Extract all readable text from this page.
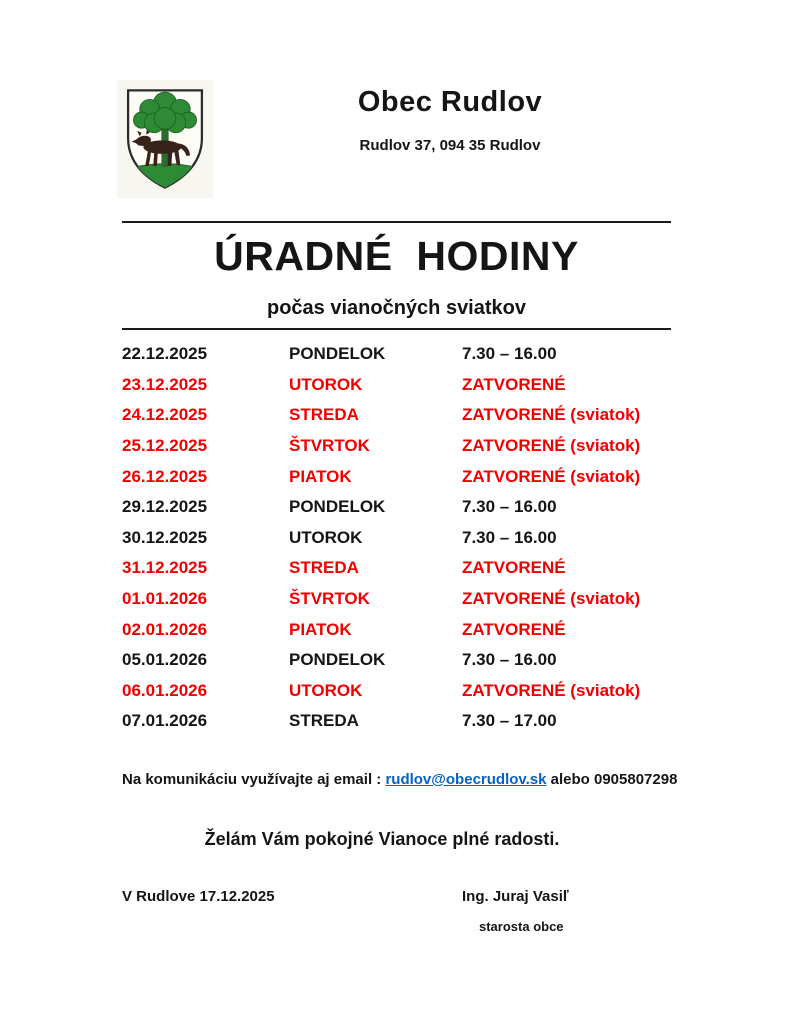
Obec Rudlov
Rudlov 37, 094 35 Rudlov
ÚRADNÉ  HODINY
počas vianočných sviatkov
22.12.2025	PONDELOK	7.30 – 16.00
23.12.2025	UTOROK	ZATVORENÉ
24.12.2025	STREDA	ZATVORENÉ (sviatok)
25.12.2025	ŠTVRTOK	ZATVORENÉ (sviatok)
26.12.2025	PIATOK	ZATVORENÉ (sviatok)
29.12.2025	PONDELOK	7.30 – 16.00
30.12.2025	UTOROK	7.30 – 16.00
31.12.2025	STREDA	ZATVORENÉ
01.01.2026	ŠTVRTOK	ZATVORENÉ (sviatok)
02.01.2026	PIATOK	ZATVORENÉ
05.01.2026	PONDELOK	7.30 – 16.00
06.01.2026	UTOROK	ZATVORENÉ (sviatok)
07.01.2026	STREDA	7.30 – 17.00
Na komunikáciu využívajte aj email : rudlov@obecrudlov.sk alebo 0905807298
Želám Vám pokojné Vianoce plné radosti.
V Rudlove 17.12.2025	Ing. Juraj Vasiľ
starosta obce
